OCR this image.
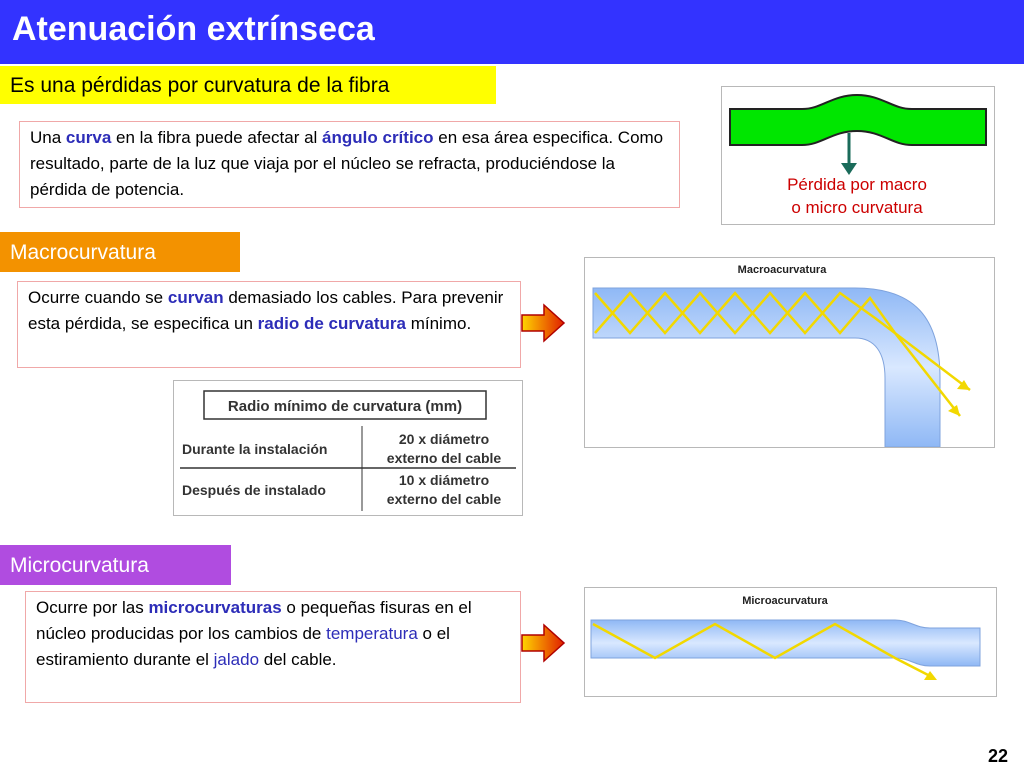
Atenuación extrínseca
Es una pérdidas por curvatura de la fibra
Una curva en la fibra puede afectar al ángulo crítico en esa área especifica. Como resultado, parte de la luz que viaja por el núcleo se refracta, produciéndose la pérdida de potencia.	Pérdida por macro
o micro curvatura
Macrocurvatura
Ocurre cuando se curvan demasiado los cables. Para prevenir esta pérdida, se especifica un radio de curvatura mínimo.
Macroacurvatura
Radio mínimo de curvatura (mm)
Durante la instalación
20 x diámetro
externo del cable
Después de instalado
10 x diámetro
externo del cable
Microcurvatura
Ocurre por las microcurvaturas o pequeñas fisuras en el núcleo producidas por los cambios de temperatura o el estiramiento durante el jalado del cable.
Microacurvatura
22
